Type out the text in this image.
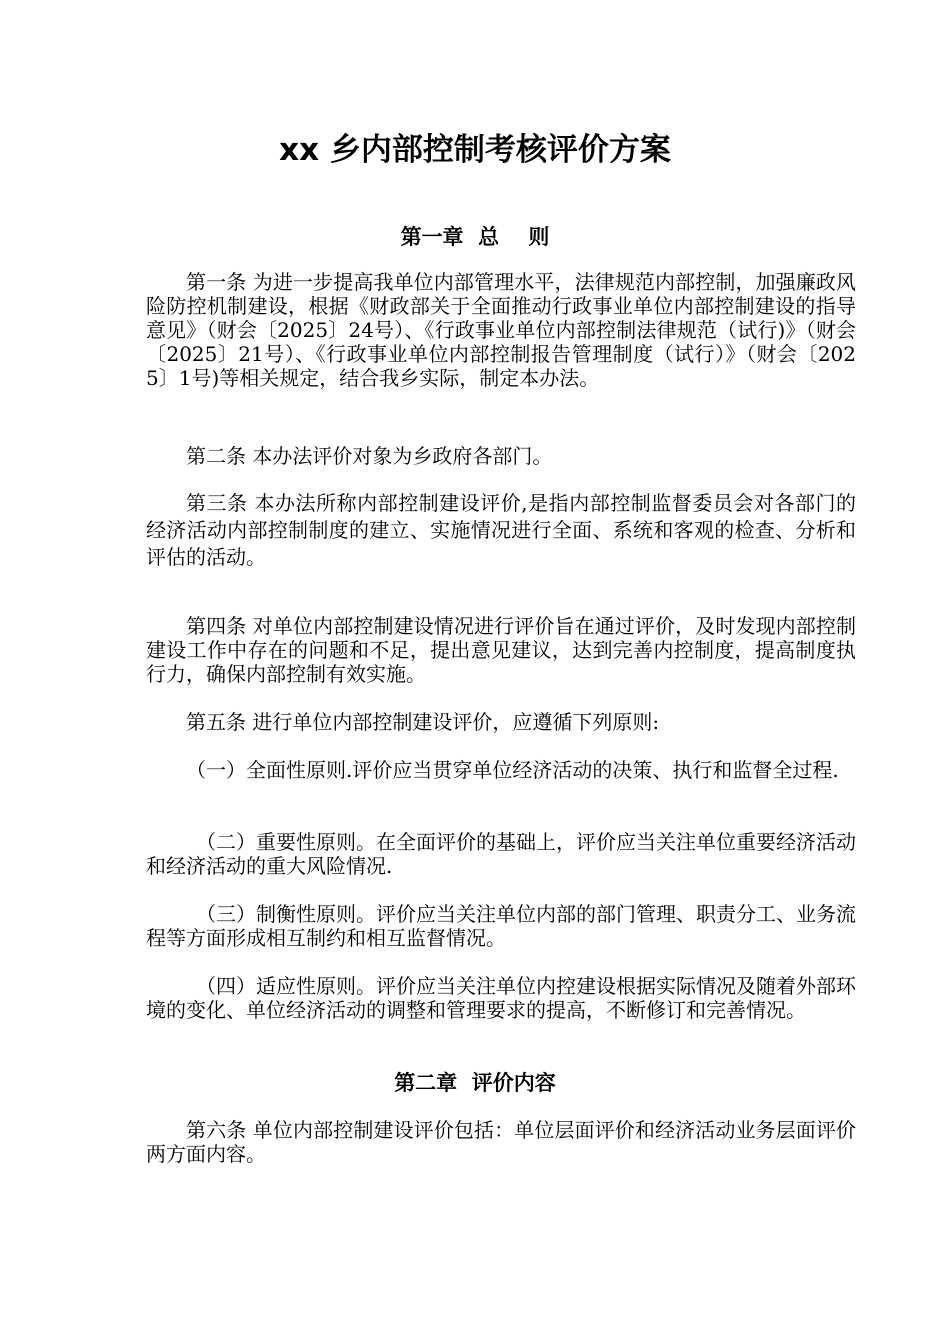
xx 乡内部控制考核评价方案
第一章  总    则

第一条 为进一步提高我单位内部管理水平，法律规范内部控制，加强廉政风险防控机制建设，根据《财政部关于全面推动行政事业单位内部控制建设的指导意见》（财会〔2025〕24号）、《行政事业单位内部控制法律规范（试行)》（财会〔2025〕21号）、《行政事业单位内部控制报告管理制度（试行）》（财会〔2025〕1号)等相关规定，结合我乡实际，制定本办法。

第二条 本办法评价对象为乡政府各部门。

第三条 本办法所称内部控制建设评价,是指内部控制监督委员会对各部门的经济活动内部控制制度的建立、实施情况进行全面、系统和客观的检查、分析和评估的活动。

第四条 对单位内部控制建设情况进行评价旨在通过评价，及时发现内部控制建设工作中存在的问题和不足，提出意见建议，达到完善内控制度，提高制度执行力，确保内部控制有效实施。

第五条 进行单位内部控制建设评价，应遵循下列原则:

（一）全面性原则.评价应当贯穿单位经济活动的决策、执行和监督全过程.

（二）重要性原则。在全面评价的基础上，评价应当关注单位重要经济活动和经济活动的重大风险情况.

（三）制衡性原则。评价应当关注单位内部的部门管理、职责分工、业务流程等方面形成相互制约和相互监督情况。

（四）适应性原则。评价应当关注单位内控建设根据实际情况及随着外部环境的变化、单位经济活动的调整和管理要求的提高，不断修订和完善情况。

第二章  评价内容

第六条 单位内部控制建设评价包括：单位层面评价和经济活动业务层面评价两方面内容。
